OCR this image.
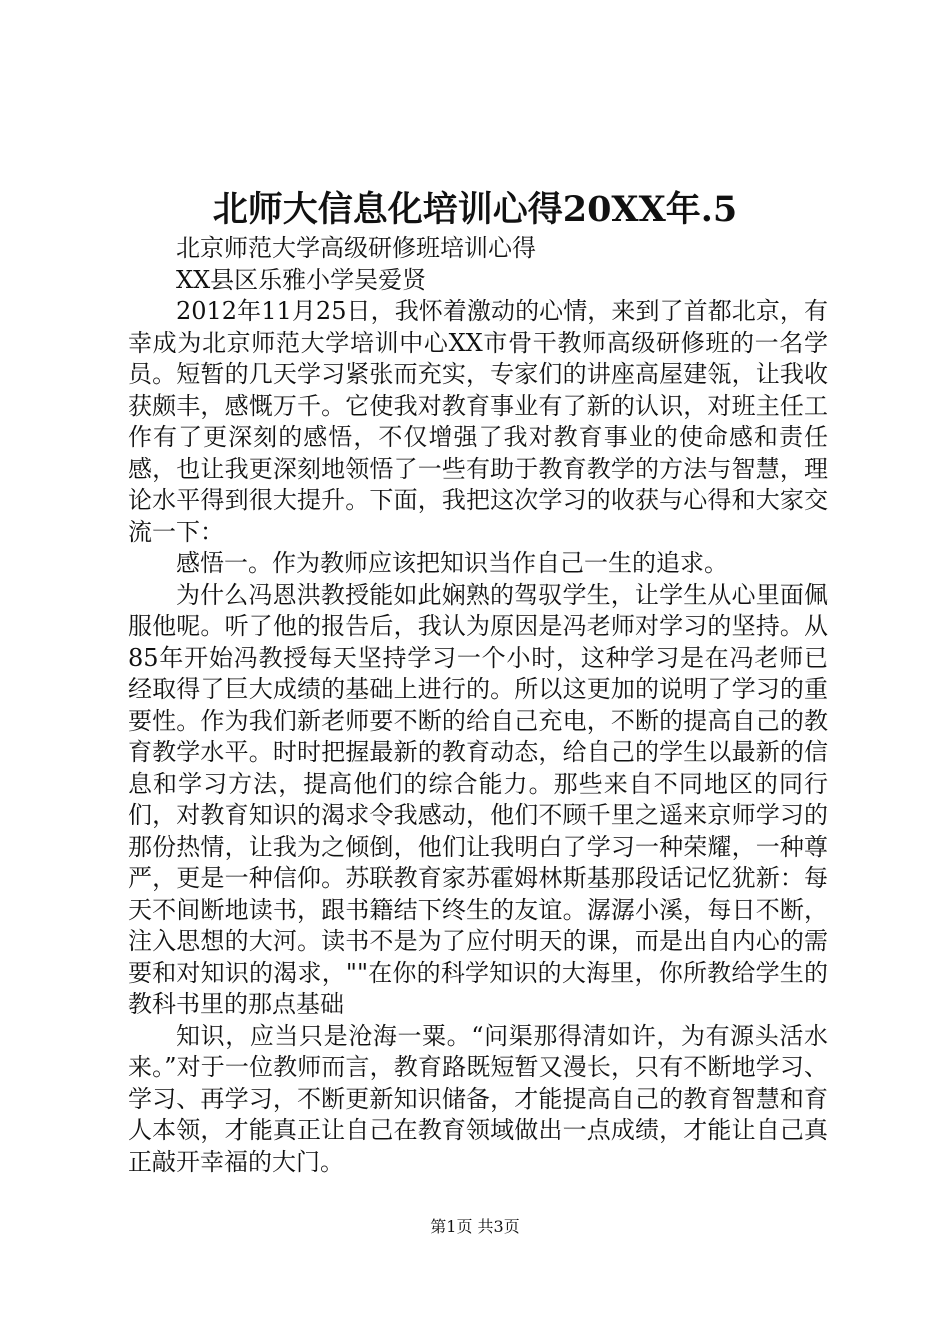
北师大信息化培训心得20XX年.5

北京师范大学高级研修班培训心得

XX县区乐雅小学吴爱贤

2012年11月25日，我怀着激动的心情，来到了首都北京，有幸成为北京师范大学培训中心XX市骨干教师高级研修班的一名学员。短暂的几天学习紧张而充实，专家们的讲座高屋建瓴，让我收获颇丰，感慨万千。它使我对教育事业有了新的认识，对班主任工作有了更深刻的感悟，不仅增强了我对教育事业的使命感和责任感，也让我更深刻地领悟了一些有助于教育教学的方法与智慧，理论水平得到很大提升。下面，我把这次学习的收获与心得和大家交流一下：

感悟一。作为教师应该把知识当作自己一生的追求。

为什么冯恩洪教授能如此娴熟的驾驭学生，让学生从心里面佩服他呢。听了他的报告后，我认为原因是冯老师对学习的坚持。从85年开始冯教授每天坚持学习一个小时，这种学习是在冯老师已经取得了巨大成绩的基础上进行的。所以这更加的说明了学习的重要性。作为我们新老师要不断的给自己充电，不断的提高自己的教育教学水平。时时把握最新的教育动态，给自己的学生以最新的信息和学习方法，提高他们的综合能力。那些来自不同地区的同行们，对教育知识的渴求令我感动，他们不顾千里之遥来京师学习的那份热情，让我为之倾倒，他们让我明白了学习一种荣耀，一种尊严，更是一种信仰。苏联教育家苏霍姆林斯基那段话记忆犹新：每天不间断地读书，跟书籍结下终生的友谊。潺潺小溪，每日不断，注入思想的大河。读书不是为了应付明天的课，而是出自内心的需要和对知识的渴求，""在你的科学知识的大海里，你所教给学生的教科书里的那点基础

知识，应当只是沧海一粟。“问渠那得清如许，为有源头活水来。”对于一位教师而言，教育路既短暂又漫长，只有不断地学习、学习、再学习，不断更新知识储备，才能提高自己的教育智慧和育人本领，才能真正让自己在教育领域做出一点成绩，才能让自己真正敲开幸福的大门。

第1页 共3页
